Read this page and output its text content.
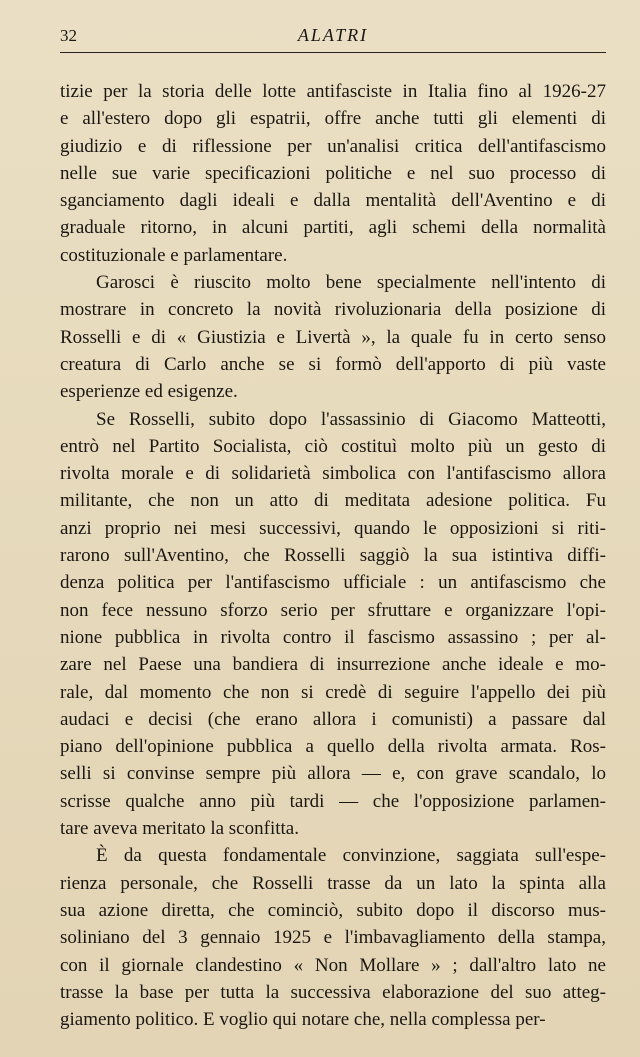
32	ALATRI
tizie per la storia delle lotte antifasciste in Italia fino al 1926-27
e all'estero dopo gli espatrii, offre anche tutti gli elementi di
giudizio e di riflessione per un'analisi critica dell'antifascismo
nelle sue varie specificazioni politiche e nel suo processo di
sganciamento dagli ideali e dalla mentalità dell'Aventino e di
graduale ritorno, in alcuni partiti, agli schemi della normalità
costituzionale e parlamentare.
Garosci è riuscito molto bene specialmente nell'intento di
mostrare in concreto la novità rivoluzionaria della posizione di
Rosselli e di « Giustizia e Livertà », la quale fu in certo senso
creatura di Carlo anche se si formò dell'apporto di più vaste
esperienze ed esigenze.
Se Rosselli, subito dopo l'assassinio di Giacomo Matteotti,
entrò nel Partito Socialista, ciò costituì molto più un gesto di
rivolta morale e di solidarietà simbolica con l'antifascismo allora
militante, che non un atto di meditata adesione politica. Fu
anzi proprio nei mesi successivi, quando le opposizioni si riti-
rarono sull'Aventino, che Rosselli saggiò la sua istintiva diffi-
denza politica per l'antifascismo ufficiale : un antifascismo che
non fece nessuno sforzo serio per sfruttare e organizzare l'opi-
nione pubblica in rivolta contro il fascismo assassino ; per al-
zare nel Paese una bandiera di insurrezione anche ideale e mo-
rale, dal momento che non si credè di seguire l'appello dei più
audaci e decisi (che erano allora i comunisti) a passare dal
piano dell'opinione pubblica a quello della rivolta armata. Ros-
selli si convinse sempre più allora — e, con grave scandalo, lo
scrisse qualche anno più tardi — che l'opposizione parlamen-
tare aveva meritato la sconfitta.
È da questa fondamentale convinzione, saggiata sull'espe-
rienza personale, che Rosselli trasse da un lato la spinta alla
sua azione diretta, che cominciò, subito dopo il discorso mus-
soliniano del 3 gennaio 1925 e l'imbavagliamento della stampa,
con il giornale clandestino « Non Mollare » ; dall'altro lato ne
trasse la base per tutta la successiva elaborazione del suo atteg-
giamento politico. E voglio qui notare che, nella complessa per-
